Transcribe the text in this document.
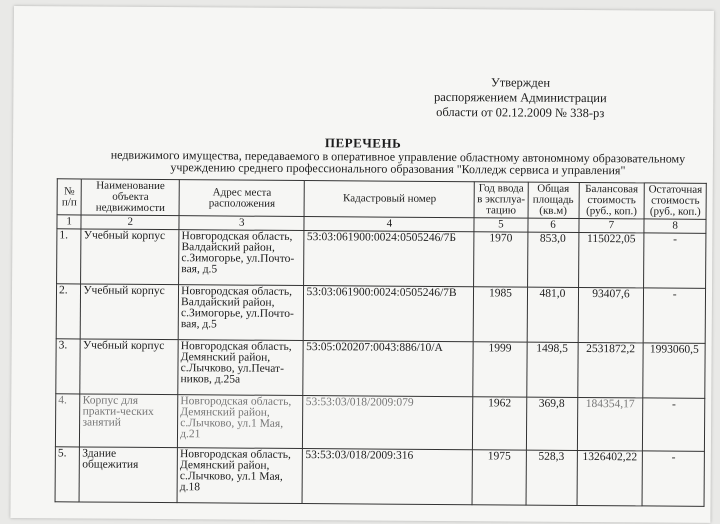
Утвержден
распоряжением Администрации
области от 02.12.2009 № 338-рз
ПЕРЕЧЕНЬ
недвижимого имущества, передаваемого в оперативное управление областному автономному образовательному учреждению среднего профессионального образования "Колледж сервиса и управления"
№ п/п	Наименование объекта недвижимости	Адрес места расположения	Кадастровый номер	Год ввода в эксплуа-тацию	Общая площадь (кв.м)	Балансовая стоимость (руб., коп.)	Остаточная стоимость (руб., коп.)
1	2	3	4	5	6	7	8
1.	Учебный корпус	Новгородская область, Валдайский район, с.Зимогорье, ул.Почто-вая, д.5	53:03:061900:0024:0505246/7Б	1970	853,0	115022,05	-
2.	Учебный корпус	Новгородская область, Валдайский район, с.Зимогорье, ул.Почто-вая, д.5	53:03:061900:0024:0505246/7В	1985	481,0	93407,6	-
3.	Учебный корпус	Новгородская область, Демянский район, с.Лычково, ул.Печат-ников, д.25а	53:05:020207:0043:886/10/А	1999	1498,5	2531872,2	1993060,5
4.	Корпус для практи-ческих занятий	Новгородская область, Демянский район, с.Лычково, ул.1 Мая, д.21	53:53:03/018/2009:079	1962	369,8	184354,17	-
5.	Здание общежития	Новгородская область, Демянский район, с.Лычково, ул.1 Мая, д.18	53:53:03/018/2009:316	1975	528,3	1326402,22	-
